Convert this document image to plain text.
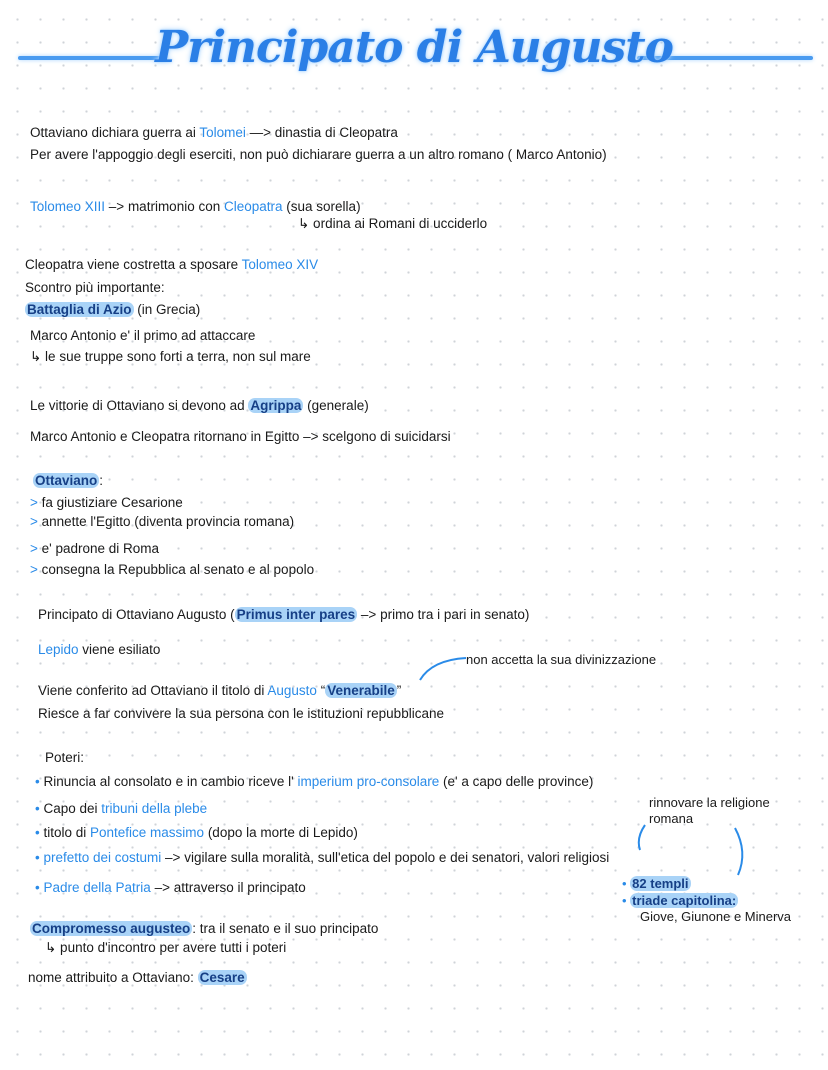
Principato di Augusto
Ottaviano dichiara guerra ai Tolomei —> dinastia di Cleopatra
Per avere l'appoggio degli eserciti, non può dichiarare guerra a un altro romano ( Marco Antonio)
Tolomeo XIII –> matrimonio con Cleopatra (sua sorella)
↳ ordina ai Romani di ucciderlo
Cleopatra viene costretta a sposare Tolomeo XIV
Scontro più importante:
Battaglia di Azio (in Grecia)
Marco Antonio e' il primo ad attaccare
↳ le sue truppe sono forti a terra, non sul mare
Le vittorie di Ottaviano si devono ad Agrippa (generale)
Marco Antonio e Cleopatra ritornano in Egitto –> scelgono di suicidarsi
Ottaviano :
> fa giustiziare Cesarione
> annette l'Egitto (diventa provincia romana)
> e' padrone di Roma
> consegna la Repubblica al senato e al popolo
Principato di Ottaviano Augusto ( Primus inter pares –> primo tra i pari in senato)
Lepido viene esiliato
non accetta la sua divinizzazione
Viene conferito ad Ottaviano il titolo di Augusto “ Venerabile ”
Riesce a far convivere la sua persona con le istituzioni repubblicane
Poteri:
• Rinuncia al consolato e in cambio riceve l' imperium pro-consolare (e' a capo delle province)
• Capo dei tribuni della plebe
• titolo di Pontefice massimo (dopo la morte di Lepido)
• prefetto dei costumi –> vigilare sulla moralità, sull'etica del popolo e dei senatori, valori religiosi
• Padre della Patria –> attraverso il principato
rinnovare la religione
romana
• 82 templi
• triade capitolina:
Giove, Giunone e Minerva
Compromesso augusteo : tra il senato e il suo principato
↳ punto d'incontro per avere tutti i poteri
nome attribuito a Ottaviano: Cesare
